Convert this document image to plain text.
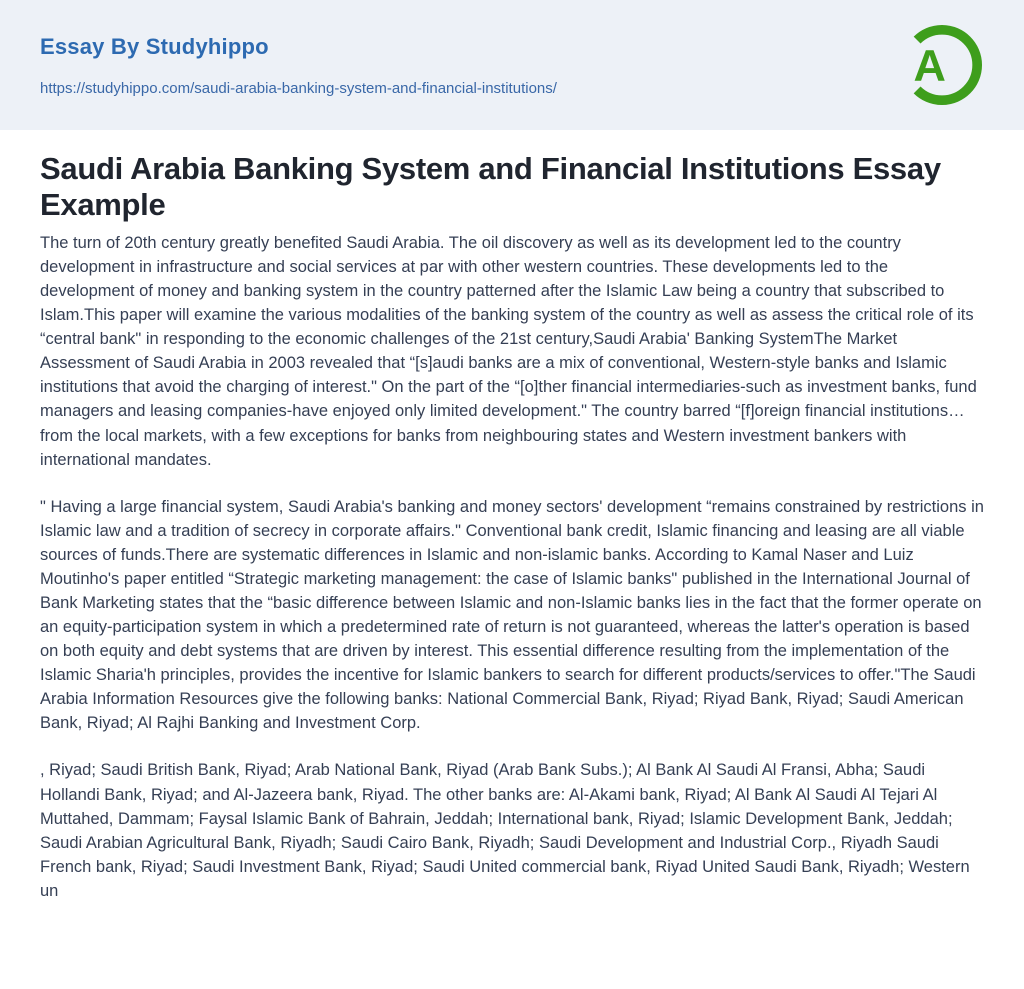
Essay By Studyhippo
https://studyhippo.com/saudi-arabia-banking-system-and-financial-institutions/	A
Saudi Arabia Banking System and Financial Institutions Essay Example

The turn of 20th century greatly benefited Saudi Arabia. The oil discovery as well as its development led to the country development in infrastructure and social services at par with other western countries. These developments led to the development of money and banking system in the country patterned after the Islamic Law being a country that subscribed to Islam.This paper will examine the various modalities of the banking system of the country as well as assess the critical role of its “central bank" in responding to the economic challenges of the 21st century,Saudi Arabia' Banking SystemThe Market Assessment of Saudi Arabia in 2003 revealed that “[s]audi banks are a mix of conventional, Western-style banks and Islamic institutions that avoid the charging of interest." On the part of the “[o]ther financial intermediaries-such as investment banks, fund managers and leasing companies-have enjoyed only limited development." The country barred “[f]oreign financial institutions…from the local markets, with a few exceptions for banks from neighbouring states and Western investment bankers with international mandates.

" Having a large financial system, Saudi Arabia's banking and money sectors' development “remains constrained by restrictions in Islamic law and a tradition of secrecy in corporate affairs." Conventional bank credit, Islamic financing and leasing are all viable sources of funds.There are systematic differences in Islamic and non-islamic banks. According to Kamal Naser and Luiz Moutinho's paper entitled “Strategic marketing management: the case of Islamic banks" published in the International Journal of Bank Marketing states that the “basic difference between Islamic and non-Islamic banks lies in the fact that the former operate on an equity-participation system in which a predetermined rate of return is not guaranteed, whereas the latter's operation is based on both equity and debt systems that are driven by interest. This essential difference resulting from the implementation of the Islamic Sharia'h principles, provides the incentive for Islamic bankers to search for different products/services to offer."The Saudi Arabia Information Resources give the following banks: National Commercial Bank, Riyad; Riyad Bank, Riyad; Saudi American Bank, Riyad; Al Rajhi Banking and Investment Corp.

, Riyad; Saudi British Bank, Riyad; Arab National Bank, Riyad (Arab Bank Subs.); Al Bank Al Saudi Al Fransi, Abha; Saudi Hollandi Bank, Riyad; and Al-Jazeera bank, Riyad. The other banks are: Al-Akami bank, Riyad; Al Bank Al Saudi Al Tejari Al Muttahed, Dammam; Faysal Islamic Bank of Bahrain, Jeddah; International bank, Riyad; Islamic Development Bank, Jeddah; Saudi Arabian Agricultural Bank, Riyadh; Saudi Cairo Bank, Riyadh; Saudi Development and Industrial Corp., Riyadh Saudi French bank, Riyad; Saudi Investment Bank, Riyad; Saudi United commercial bank, Riyad United Saudi Bank, Riyadh; Western un
